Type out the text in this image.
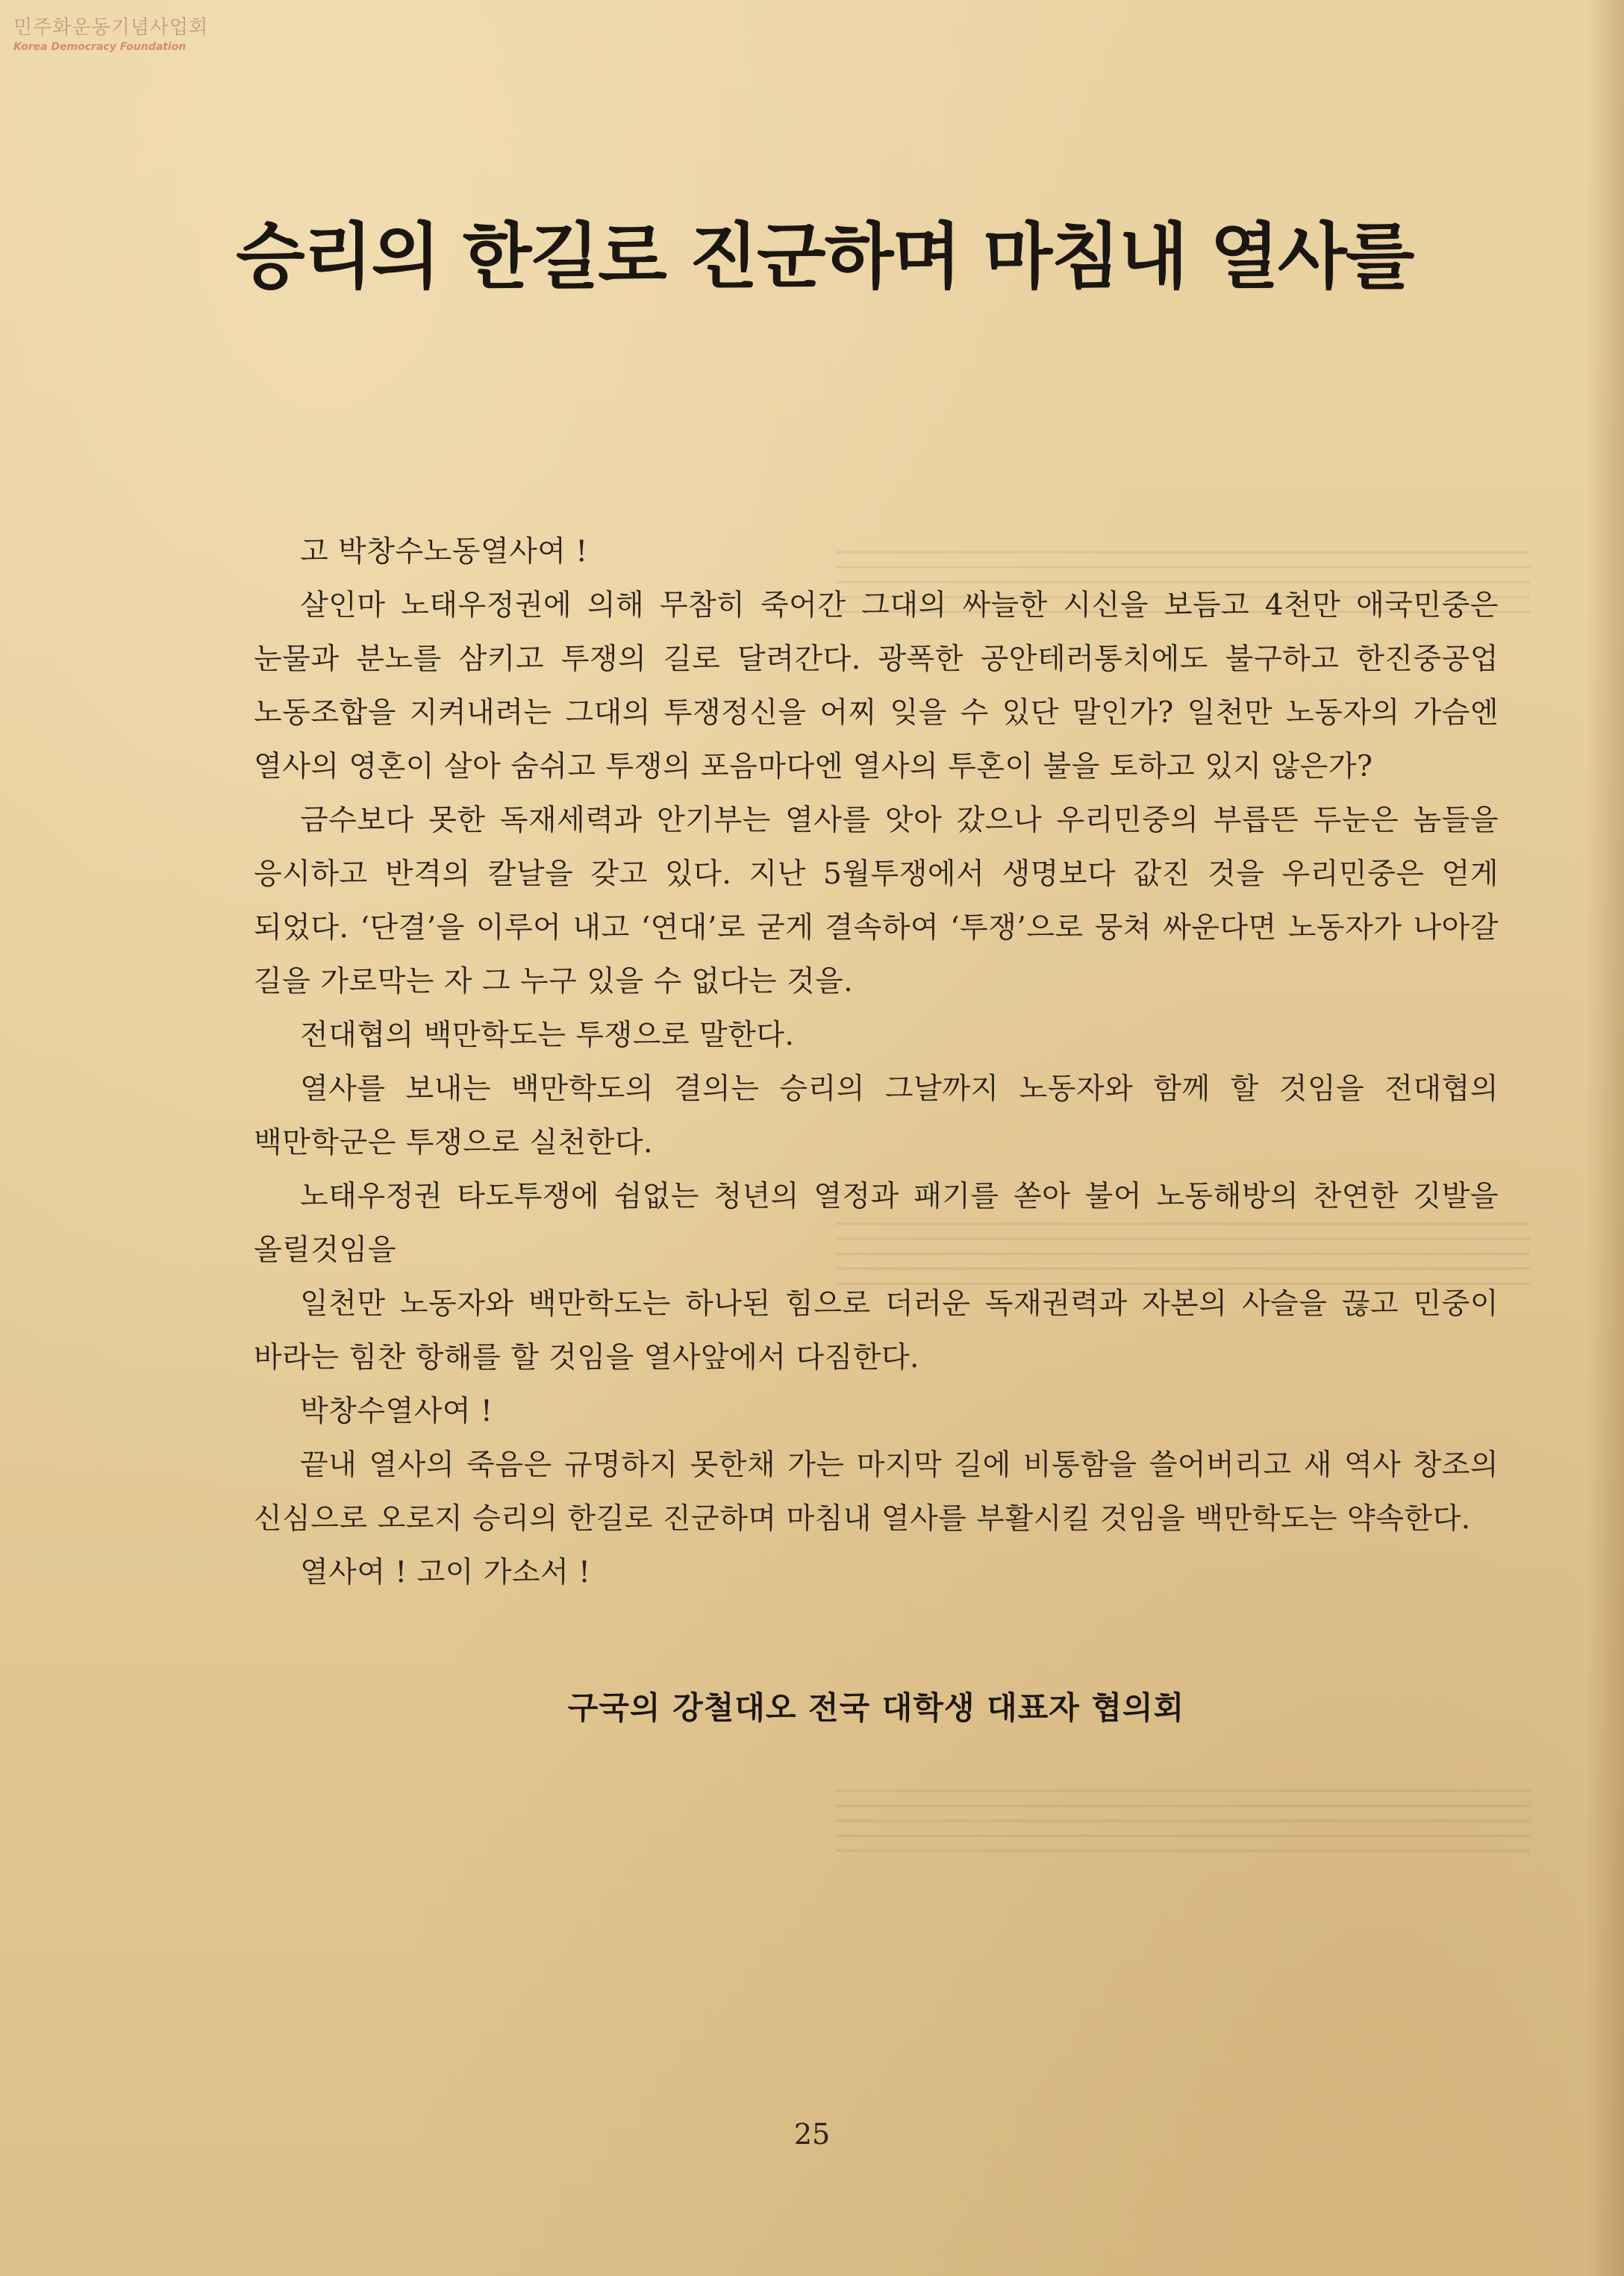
민주화운동기념사업회
Korea Democracy Foundation
승리의 한길로 진군하며 마침내 열사를

고 박창수노동열사여 !

살인마 노태우정권에 의해 무참히 죽어간 그대의 싸늘한 시신을 보듬고 4천만 애국민중은 눈물과 분노를 삼키고 투쟁의 길로 달려간다. 광폭한 공안테러통치에도 불구하고 한진중공업 노동조합을 지켜내려는 그대의 투쟁정신을 어찌 잊을 수 있단 말인가? 일천만 노동자의 가슴엔 열사의 영혼이 살아 숨쉬고 투쟁의 포음마다엔 열사의 투혼이 불을 토하고 있지 않은가?

금수보다 못한 독재세력과 안기부는 열사를 앗아 갔으나 우리민중의 부릅뜬 두눈은 놈들을 응시하고 반격의 칼날을 갖고 있다. 지난 5월투쟁에서 생명보다 값진 것을 우리민중은 얻게 되었다. ‘단결’을 이루어 내고 ‘연대’로 굳게 결속하여 ‘투쟁’으로 뭉쳐 싸운다면 노동자가 나아갈 길을 가로막는 자 그 누구 있을 수 없다는 것을.

전대협의 백만학도는 투쟁으로 말한다.

열사를 보내는 백만학도의 결의는 승리의 그날까지 노동자와 함께 할 것임을 전대협의 백만학군은 투쟁으로 실천한다.

노태우정권 타도투쟁에 쉼없는 청년의 열정과 패기를 쏟아 불어 노동해방의 찬연한 깃발을 올릴것임을

일천만 노동자와 백만학도는 하나된 힘으로 더러운 독재권력과 자본의 사슬을 끊고 민중이 바라는 힘찬 항해를 할 것임을 열사앞에서 다짐한다.

박창수열사여 !

끝내 열사의 죽음은 규명하지 못한채 가는 마지막 길에 비통함을 쓸어버리고 새 역사 창조의 신심으로 오로지 승리의 한길로 진군하며 마침내 열사를 부활시킬 것임을 백만학도는 약속한다.

열사여 ! 고이 가소서 !

구국의 강철대오 전국 대학생 대표자 협의회
25
